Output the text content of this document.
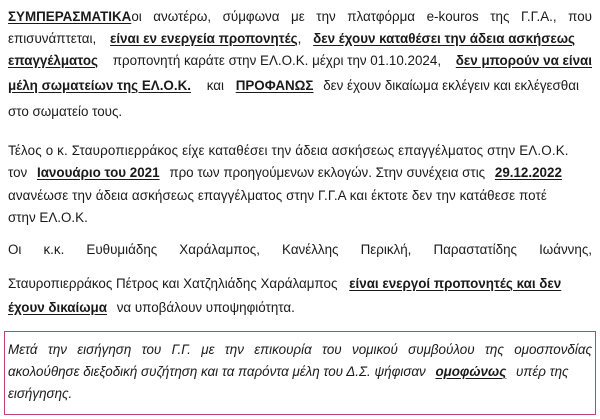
ΣΥΜΠΕΡΑΣΜΑΤΙΚΑ οι ανωτέρω, σύμφωνα με την πλατφόρμα e-kouros της Γ.Γ.Α., που
επισυνάπτεται, είναι εν ενεργεία προπονητές, δεν έχουν καταθέσει την άδεια ασκήσεως
επαγγέλματος προπονητή καράτε στην ΕΛ.Ο.Κ. μέχρι την 01.10.2024, δεν μπορούν να είναι
μέλη σωματείων της ΕΛ.Ο.Κ. και ΠΡΟΦΑΝΩΣ δεν έχουν δικαίωμα εκλέγειν και εκλέγεσθαι
στο σωματείο τους.
Τέλος ο κ. Σταυροπιερράκος είχε καταθέσει την άδεια ασκήσεως επαγγέλματος στην ΕΛ.Ο.Κ.
τον Ιανουάριο του 2021 προ των προηγούμενων εκλογών. Στην συνέχεια στις 29.12.2022
ανανέωσε την άδεια ασκήσεως επαγγέλματος στην Γ.Γ.Α και έκτοτε δεν την κατάθεσε ποτέ
στην ΕΛ.Ο.Κ.
Οι κ.κ. Ευθυμιάδης Χαράλαμπος, Κανέλλης Περικλή, Παραστατίδης Ιωάννης,
Σταυροπιερράκος Πέτρος και Χατζηλιάδης Χαράλαμπος είναι ενεργοί προπονητές και δεν
έχουν δικαίωμα να υποβάλουν υποψηφιότητα.
Μετά την εισήγηση του Γ.Γ. με την επικουρία του νομικού συμβούλου της ομοσπονδίας
ακολούθησε διεξοδική συζήτηση και τα παρόντα μέλη του Δ.Σ. ψήφισαν ομοφώνως υπέρ της
εισήγησης.
